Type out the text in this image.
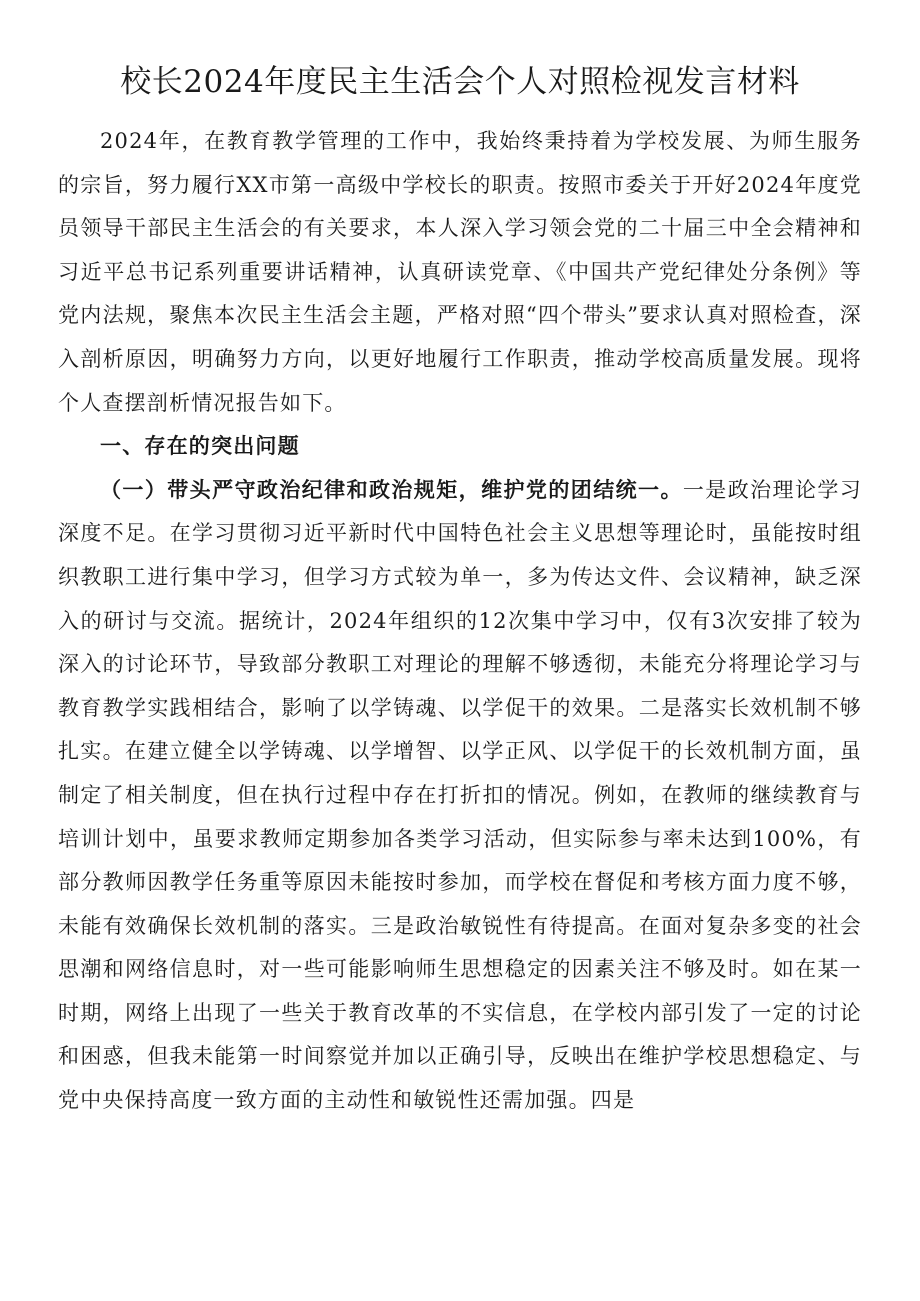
校长2024年度民主生活会个人对照检视发言材料

2024年，在教育教学管理的工作中，我始终秉持着为学校发展、为师生服务的宗旨，努力履行XX市第一高级中学校长的职责。按照市委关于开好2024年度党员领导干部民主生活会的有关要求，本人深入学习领会党的二十届三中全会精神和习近平总书记系列重要讲话精神，认真研读党章、《中国共产党纪律处分条例》等党内法规，聚焦本次民主生活会主题，严格对照“四个带头”要求认真对照检查，深入剖析原因，明确努力方向，以更好地履行工作职责，推动学校高质量发展。现将个人查摆剖析情况报告如下。

一、存在的突出问题

（一）带头严守政治纪律和政治规矩，维护党的团结统一。一是政治理论学习深度不足。在学习贯彻习近平新时代中国特色社会主义思想等理论时，虽能按时组织教职工进行集中学习，但学习方式较为单一，多为传达文件、会议精神，缺乏深入的研讨与交流。据统计，2024年组织的12次集中学习中，仅有3次安排了较为深入的讨论环节，导致部分教职工对理论的理解不够透彻，未能充分将理论学习与教育教学实践相结合，影响了以学铸魂、以学促干的效果。二是落实长效机制不够扎实。在建立健全以学铸魂、以学增智、以学正风、以学促干的长效机制方面，虽制定了相关制度，但在执行过程中存在打折扣的情况。例如，在教师的继续教育与培训计划中，虽要求教师定期参加各类学习活动，但实际参与率未达到100%，有部分教师因教学任务重等原因未能按时参加，而学校在督促和考核方面力度不够，未能有效确保长效机制的落实。三是政治敏锐性有待提高。在面对复杂多变的社会思潮和网络信息时，对一些可能影响师生思想稳定的因素关注不够及时。如在某一时期，网络上出现了一些关于教育改革的不实信息，在学校内部引发了一定的讨论和困惑，但我未能第一时间察觉并加以正确引导，反映出在维护学校思想稳定、与党中央保持高度一致方面的主动性和敏锐性还需加强。四是
